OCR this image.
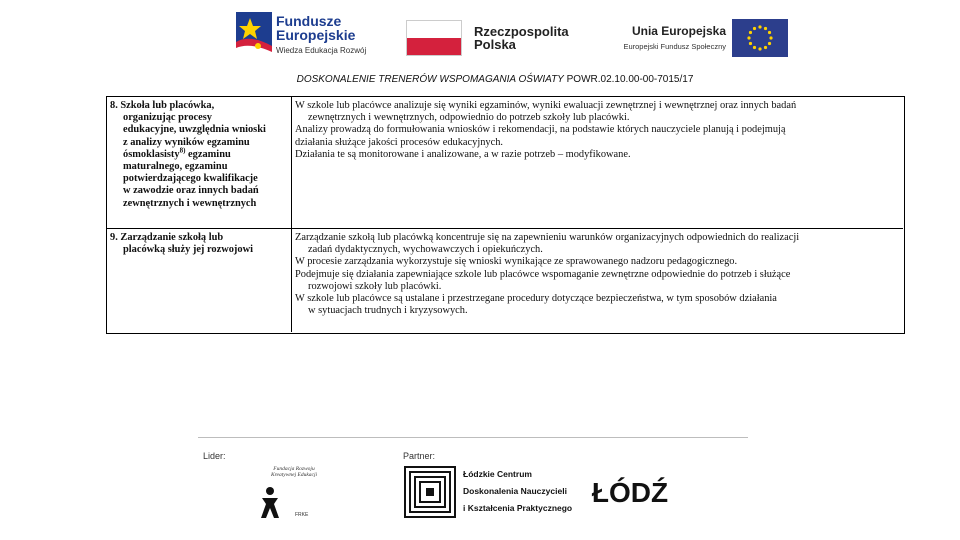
Fundusze
Europejskie
Wiedza Edukacja Rozwój
Rzeczpospolita
Polska
Unia Europejska
Europejski Fundusz Społeczny
DOSKONALENIE TRENERÓW WSPOMAGANIA OŚWIATY POWR.02.10.00-00-7015/17
8. Szkoła lub placówka,
organizując procesy
edukacyjne, uwzględnia wnioski
z analizy wyników egzaminu
ósmoklasisty$^{8)}$ egzaminu
maturalnego, egzaminu
potwierdzającego kwalifikacje
w zawodzie oraz innych badań
zewnętrznych i wewnętrznych
W szkole lub placówce analizuje się wyniki egzaminów, wyniki ewaluacji zewnętrznej i wewnętrznej oraz innych badań
zewnętrznych i wewnętrznych, odpowiednio do potrzeb szkoły lub placówki.
Analizy prowadzą do formułowania wniosków i rekomendacji, na podstawie których nauczyciele planują i podejmują
działania służące jakości procesów edukacyjnych.
Działania te są monitorowane i analizowane, a w razie potrzeb – modyfikowane.
9. Zarządzanie szkołą lub
placówką służy jej rozwojowi
Zarządzanie szkołą lub placówką koncentruje się na zapewnieniu warunków organizacyjnych odpowiednich do realizacji
zadań dydaktycznych, wychowawczych i opiekuńczych.
W procesie zarządzania wykorzystuje się wnioski wynikające ze sprawowanego nadzoru pedagogicznego.
Podejmuje się działania zapewniające szkole lub placówce wspomaganie zewnętrzne odpowiednie do potrzeb i służące
rozwojowi szkoły lub placówki.
W szkole lub placówce są ustalane i przestrzegane procedury dotyczące bezpieczeństwa, w tym sposobów działania
w sytuacjach trudnych i kryzysowych.
Lider:	Partner:
Fundacja Rozwoju
Kreatywnej Edukacji
FRKE
Łódzkie Centrum
Doskonalenia Nauczycieli
i Kształcenia Praktycznego ŁÓDŹ
